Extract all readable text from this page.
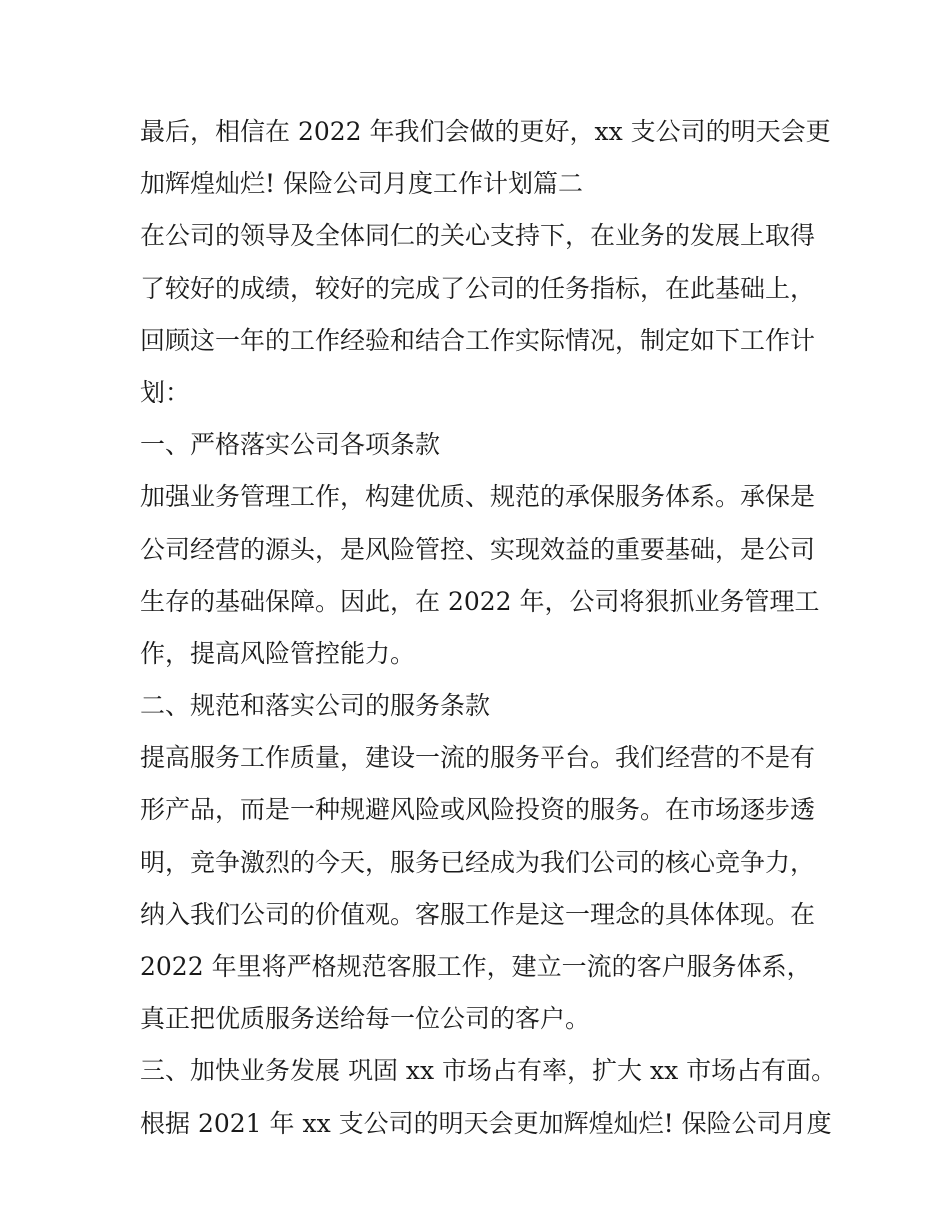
最后，相信在 2022 年我们会做的更好，xx 支公司的明天会更
加辉煌灿烂! 保险公司月度工作计划篇二
在公司的领导及全体同仁的关心支持下，在业务的发展上取得
了较好的成绩，较好的完成了公司的任务指标，在此基础上，
回顾这一年的工作经验和结合工作实际情况，制定如下工作计
划：
一、严格落实公司各项条款
加强业务管理工作，构建优质、规范的承保服务体系。承保是
公司经营的源头，是风险管控、实现效益的重要基础，是公司
生存的基础保障。因此，在 2022 年，公司将狠抓业务管理工
作，提高风险管控能力。
二、规范和落实公司的服务条款
提高服务工作质量，建设一流的服务平台。我们经营的不是有
形产品，而是一种规避风险或风险投资的服务。在市场逐步透
明，竞争激烈的今天，服务已经成为我们公司的核心竞争力，
纳入我们公司的价值观。客服工作是这一理念的具体体现。在
2022 年里将严格规范客服工作，建立一流的客户服务体系，
真正把优质服务送给每一位公司的客户。
三、加快业务发展 巩固 xx 市场占有率，扩大 xx 市场占有面。
根据 2021 年 xx 支公司的明天会更加辉煌灿烂! 保险公司月度
